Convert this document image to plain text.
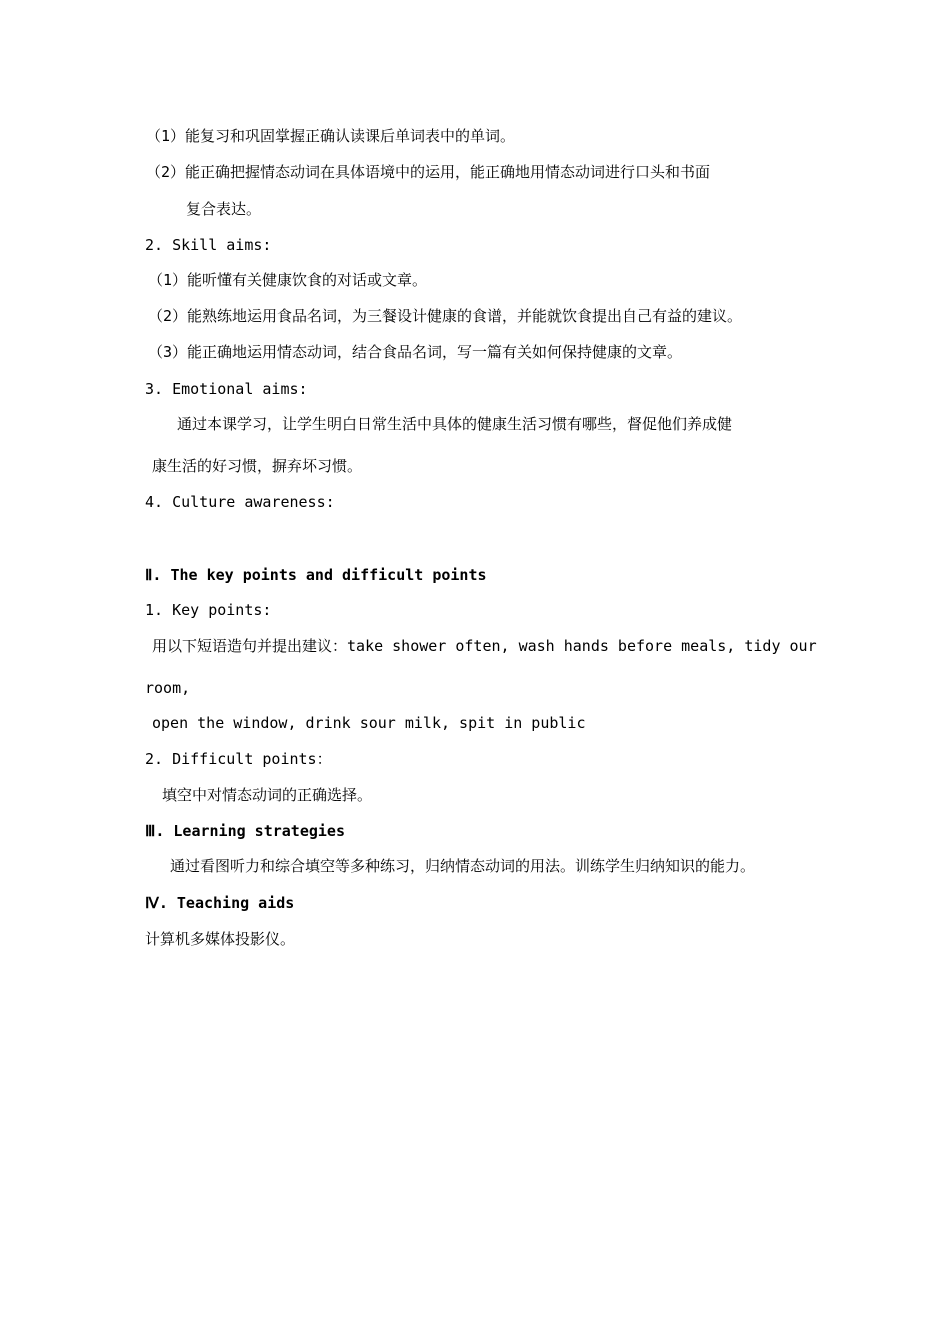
（1）能复习和巩固掌握正确认读课后单词表中的单词。
（2）能正确把握情态动词在具体语境中的运用，能正确地用情态动词进行口头和书面
复合表达。
2. Skill aims:
（1）能听懂有关健康饮食的对话或文章。
（2）能熟练地运用食品名词，为三餐设计健康的食谱，并能就饮食提出自己有益的建议。
（3）能正确地运用情态动词，结合食品名词，写一篇有关如何保持健康的文章。
3. Emotional aims:
通过本课学习，让学生明白日常生活中具体的健康生活习惯有哪些，督促他们养成健
康生活的好习惯，摒弃坏习惯。
4. Culture awareness:
Ⅱ. The key points and difficult points
1. Key points:
用以下短语造句并提出建议：take shower often, wash hands before meals, tidy our
room,
open the window, drink sour milk, spit in public
2. Difficult points：
填空中对情态动词的正确选择。
Ⅲ. Learning strategies
通过看图听力和综合填空等多种练习，归纳情态动词的用法。训练学生归纳知识的能力。
Ⅳ. Teaching aids
计算机多媒体投影仪。
